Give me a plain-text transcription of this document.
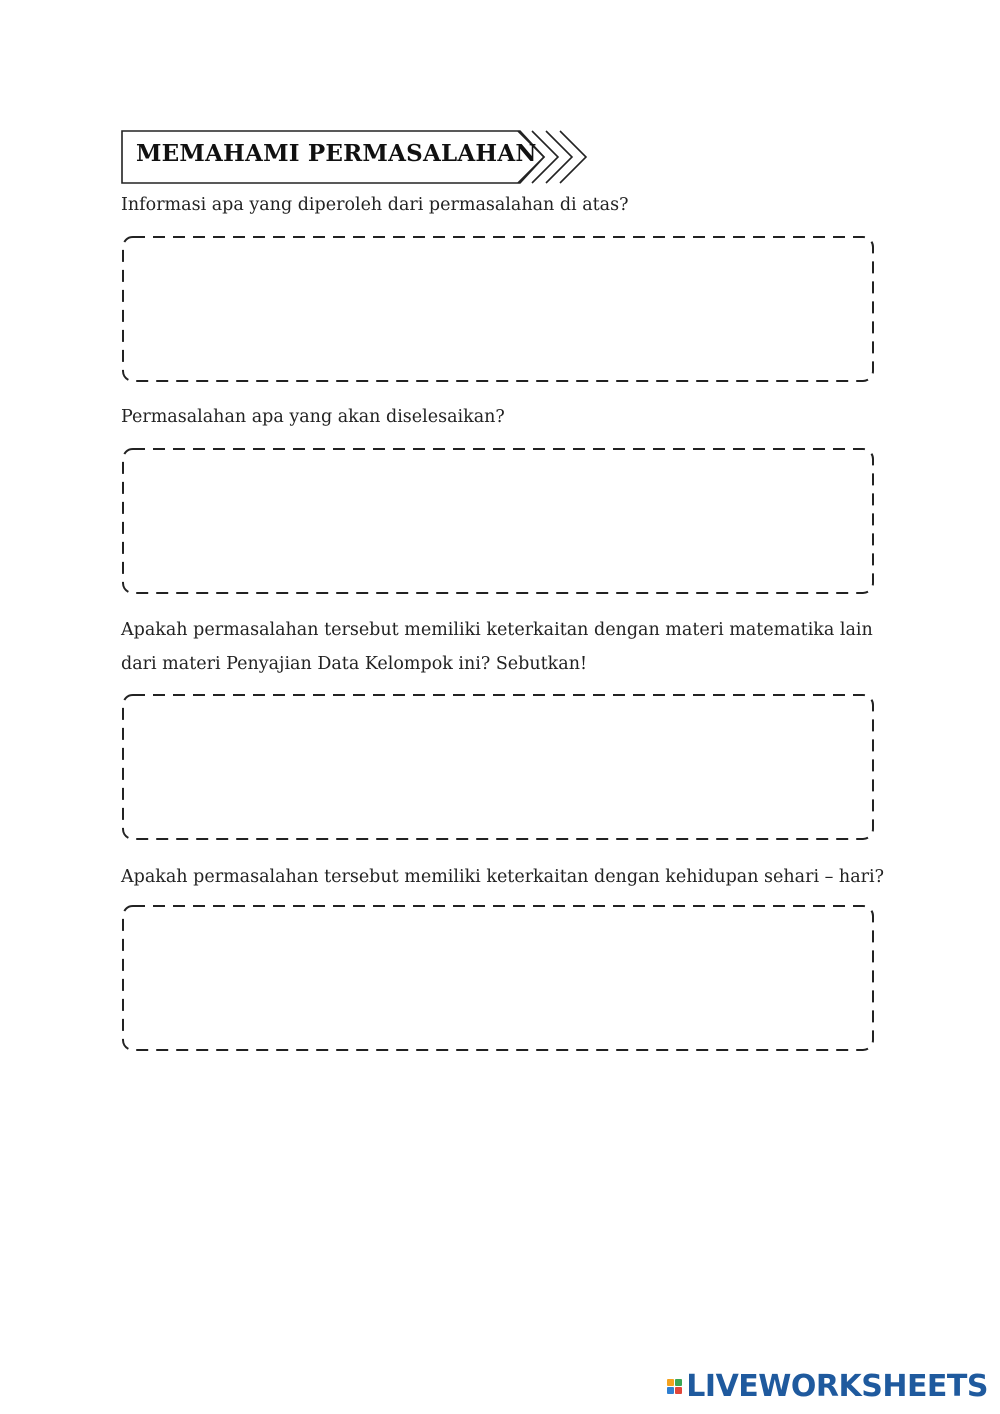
MEMAHAMI PERMASALAHAN
Informasi apa yang diperoleh dari permasalahan di atas?
Permasalahan apa yang akan diselesaikan?
Apakah permasalahan tersebut memiliki keterkaitan dengan materi matematika lain dari materi Penyajian Data Kelompok ini? Sebutkan!
Apakah permasalahan tersebut memiliki keterkaitan dengan kehidupan sehari – hari?
LIVEWORKSHEETS
